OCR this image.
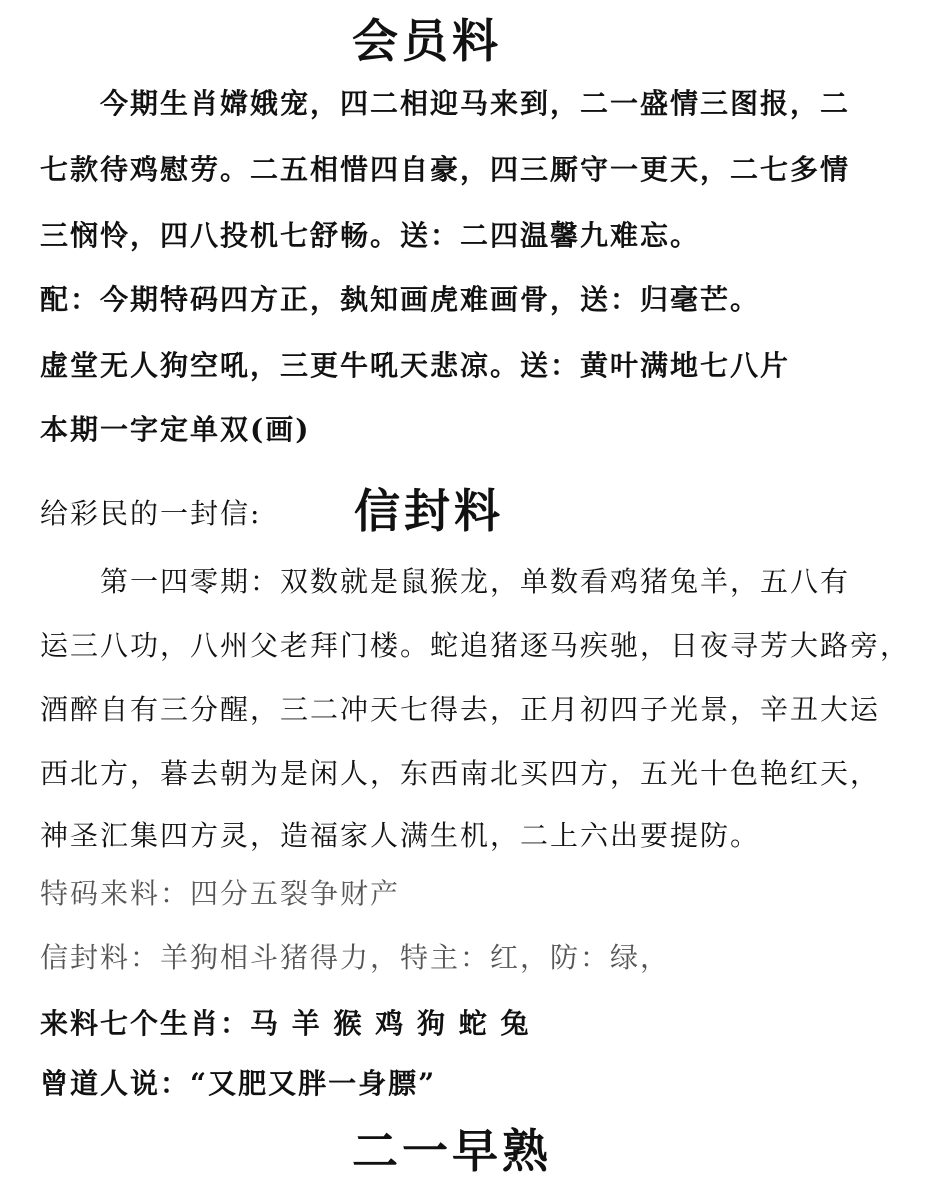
会员料
今期生肖嫦娥宠，四二相迎马来到，二一盛情三图报，二
七款待鸡慰劳。二五相惜四自豪，四三厮守一更天，二七多情
三悯怜，四八投机七舒畅。送：二四温馨九难忘。
配：今期特码四方正，埶知画虎难画骨，送：归毫芒。
虚堂无人狗空吼，三更牛吼天悲凉。送：黄叶满地七八片
本期一字定单双(画)
给彩民的一封信: 信封料
第一四零期：双数就是鼠猴龙，单数看鸡猪兔羊，五八有
运三八功，八州父老拜门楼。蛇追猪逐马疾驰，日夜寻芳大路旁，
酒醉自有三分醒，三二冲天七得去，正月初四子光景，辛丑大运
西北方，暮去朝为是闲人，东西南北买四方，五光十色艳红天，
神圣汇集四方灵，造福家人满生机，二上六出要提防。
特码来料：四分五裂争财产
信封料：羊狗相斗猪得力，特主：红，防：绿，
来料七个生肖：马 羊 猴 鸡 狗 蛇 兔
曾道人说：“又肥又胖一身膘”
二一早熟
